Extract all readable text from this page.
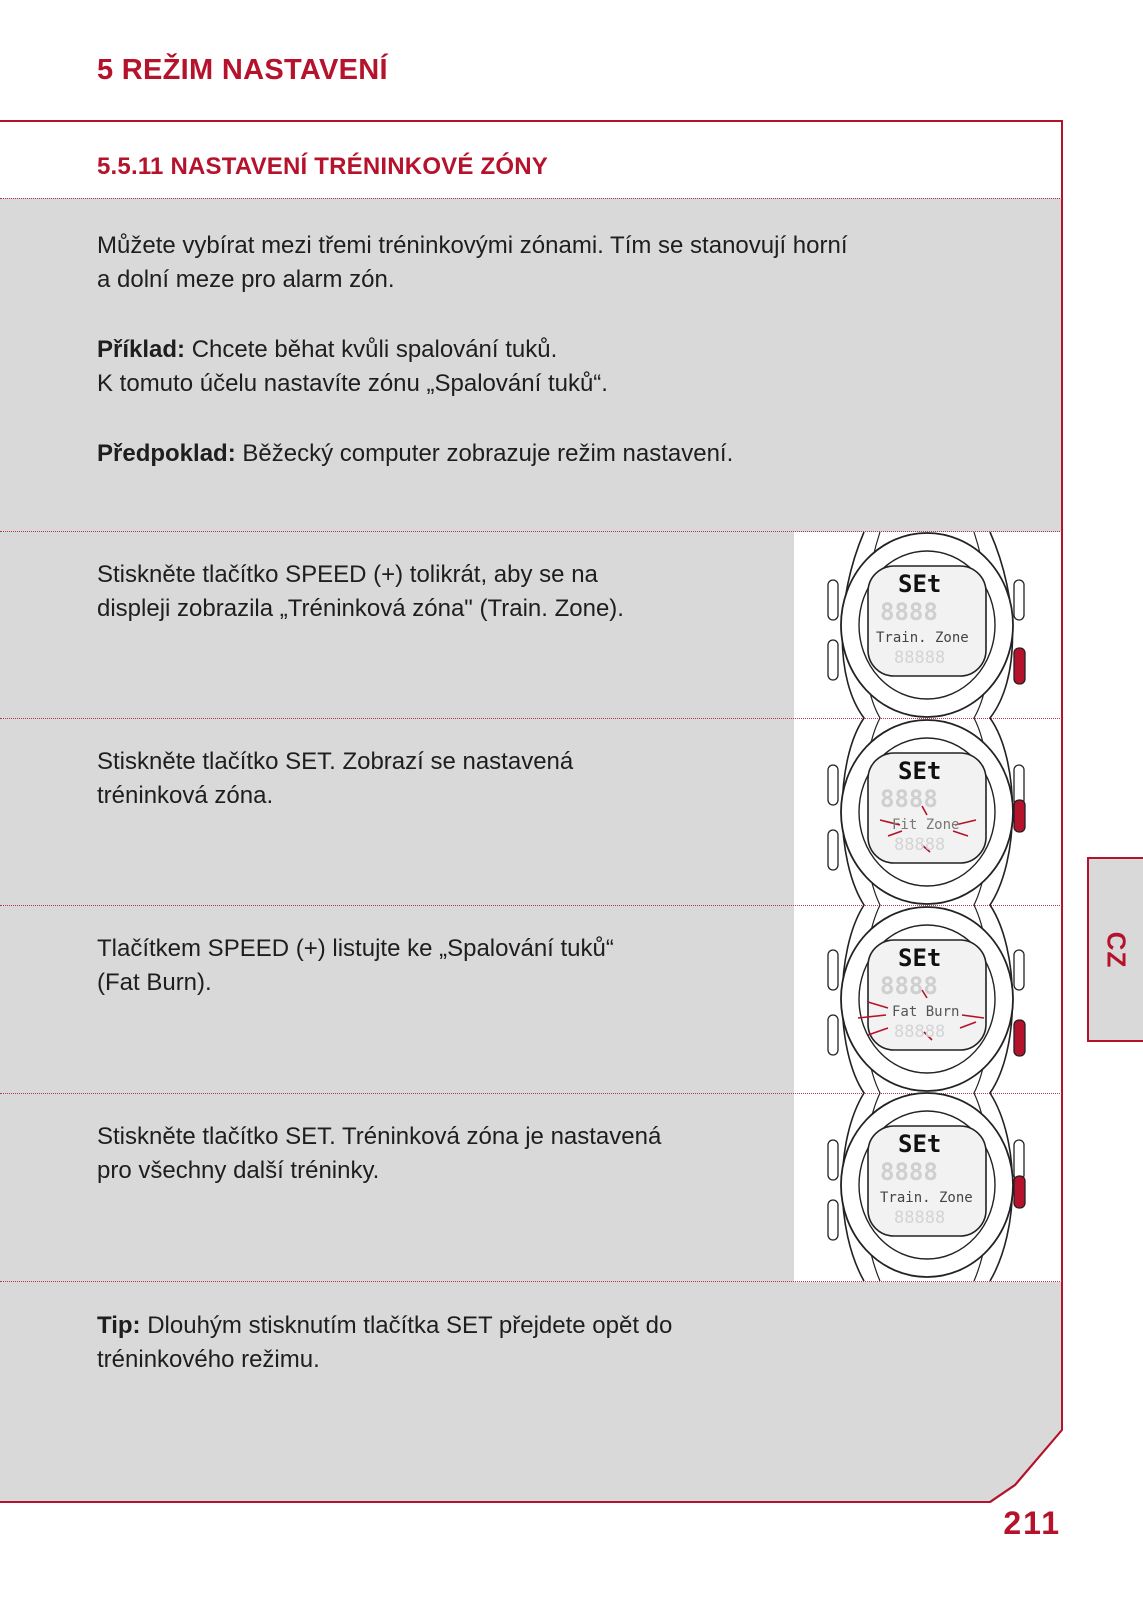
5 REŽIM NASTAVENÍ
5.5.11 NASTAVENÍ TRÉNINKOVÉ ZÓNY
Můžete vybírat mezi třemi tréninkovými zónami. Tím se stanovují horní
a dolní meze pro alarm zón.
Příklad: Chcete běhat kvůli spalování tuků.
K tomuto účelu nastavíte zónu „Spalování tuků“.
Předpoklad: Běžecký computer zobrazuje režim nastavení.
Stiskněte tlačítko SPEED (+) tolikrát, aby se na
displeji zobrazila „Tréninková zóna" (Train. Zone).
Stiskněte tlačítko SET. Zobrazí se nastavená
tréninková zóna.
Tlačítkem SPEED (+) listujte ke „Spalování tuků“
(Fat Burn).
Stiskněte tlačítko SET. Tréninková zóna je nastavená
pro všechny další tréninky.
SEt
8888
Train. Zone
88888
SEt
8888
Fit Zone
88888
SEt
8888
Fat Burn
88888
SEt
8888
Train. Zone
88888
Tip: Dlouhým stisknutím tlačítka SET přejdete opět do
tréninkového režimu.
CZ
211
